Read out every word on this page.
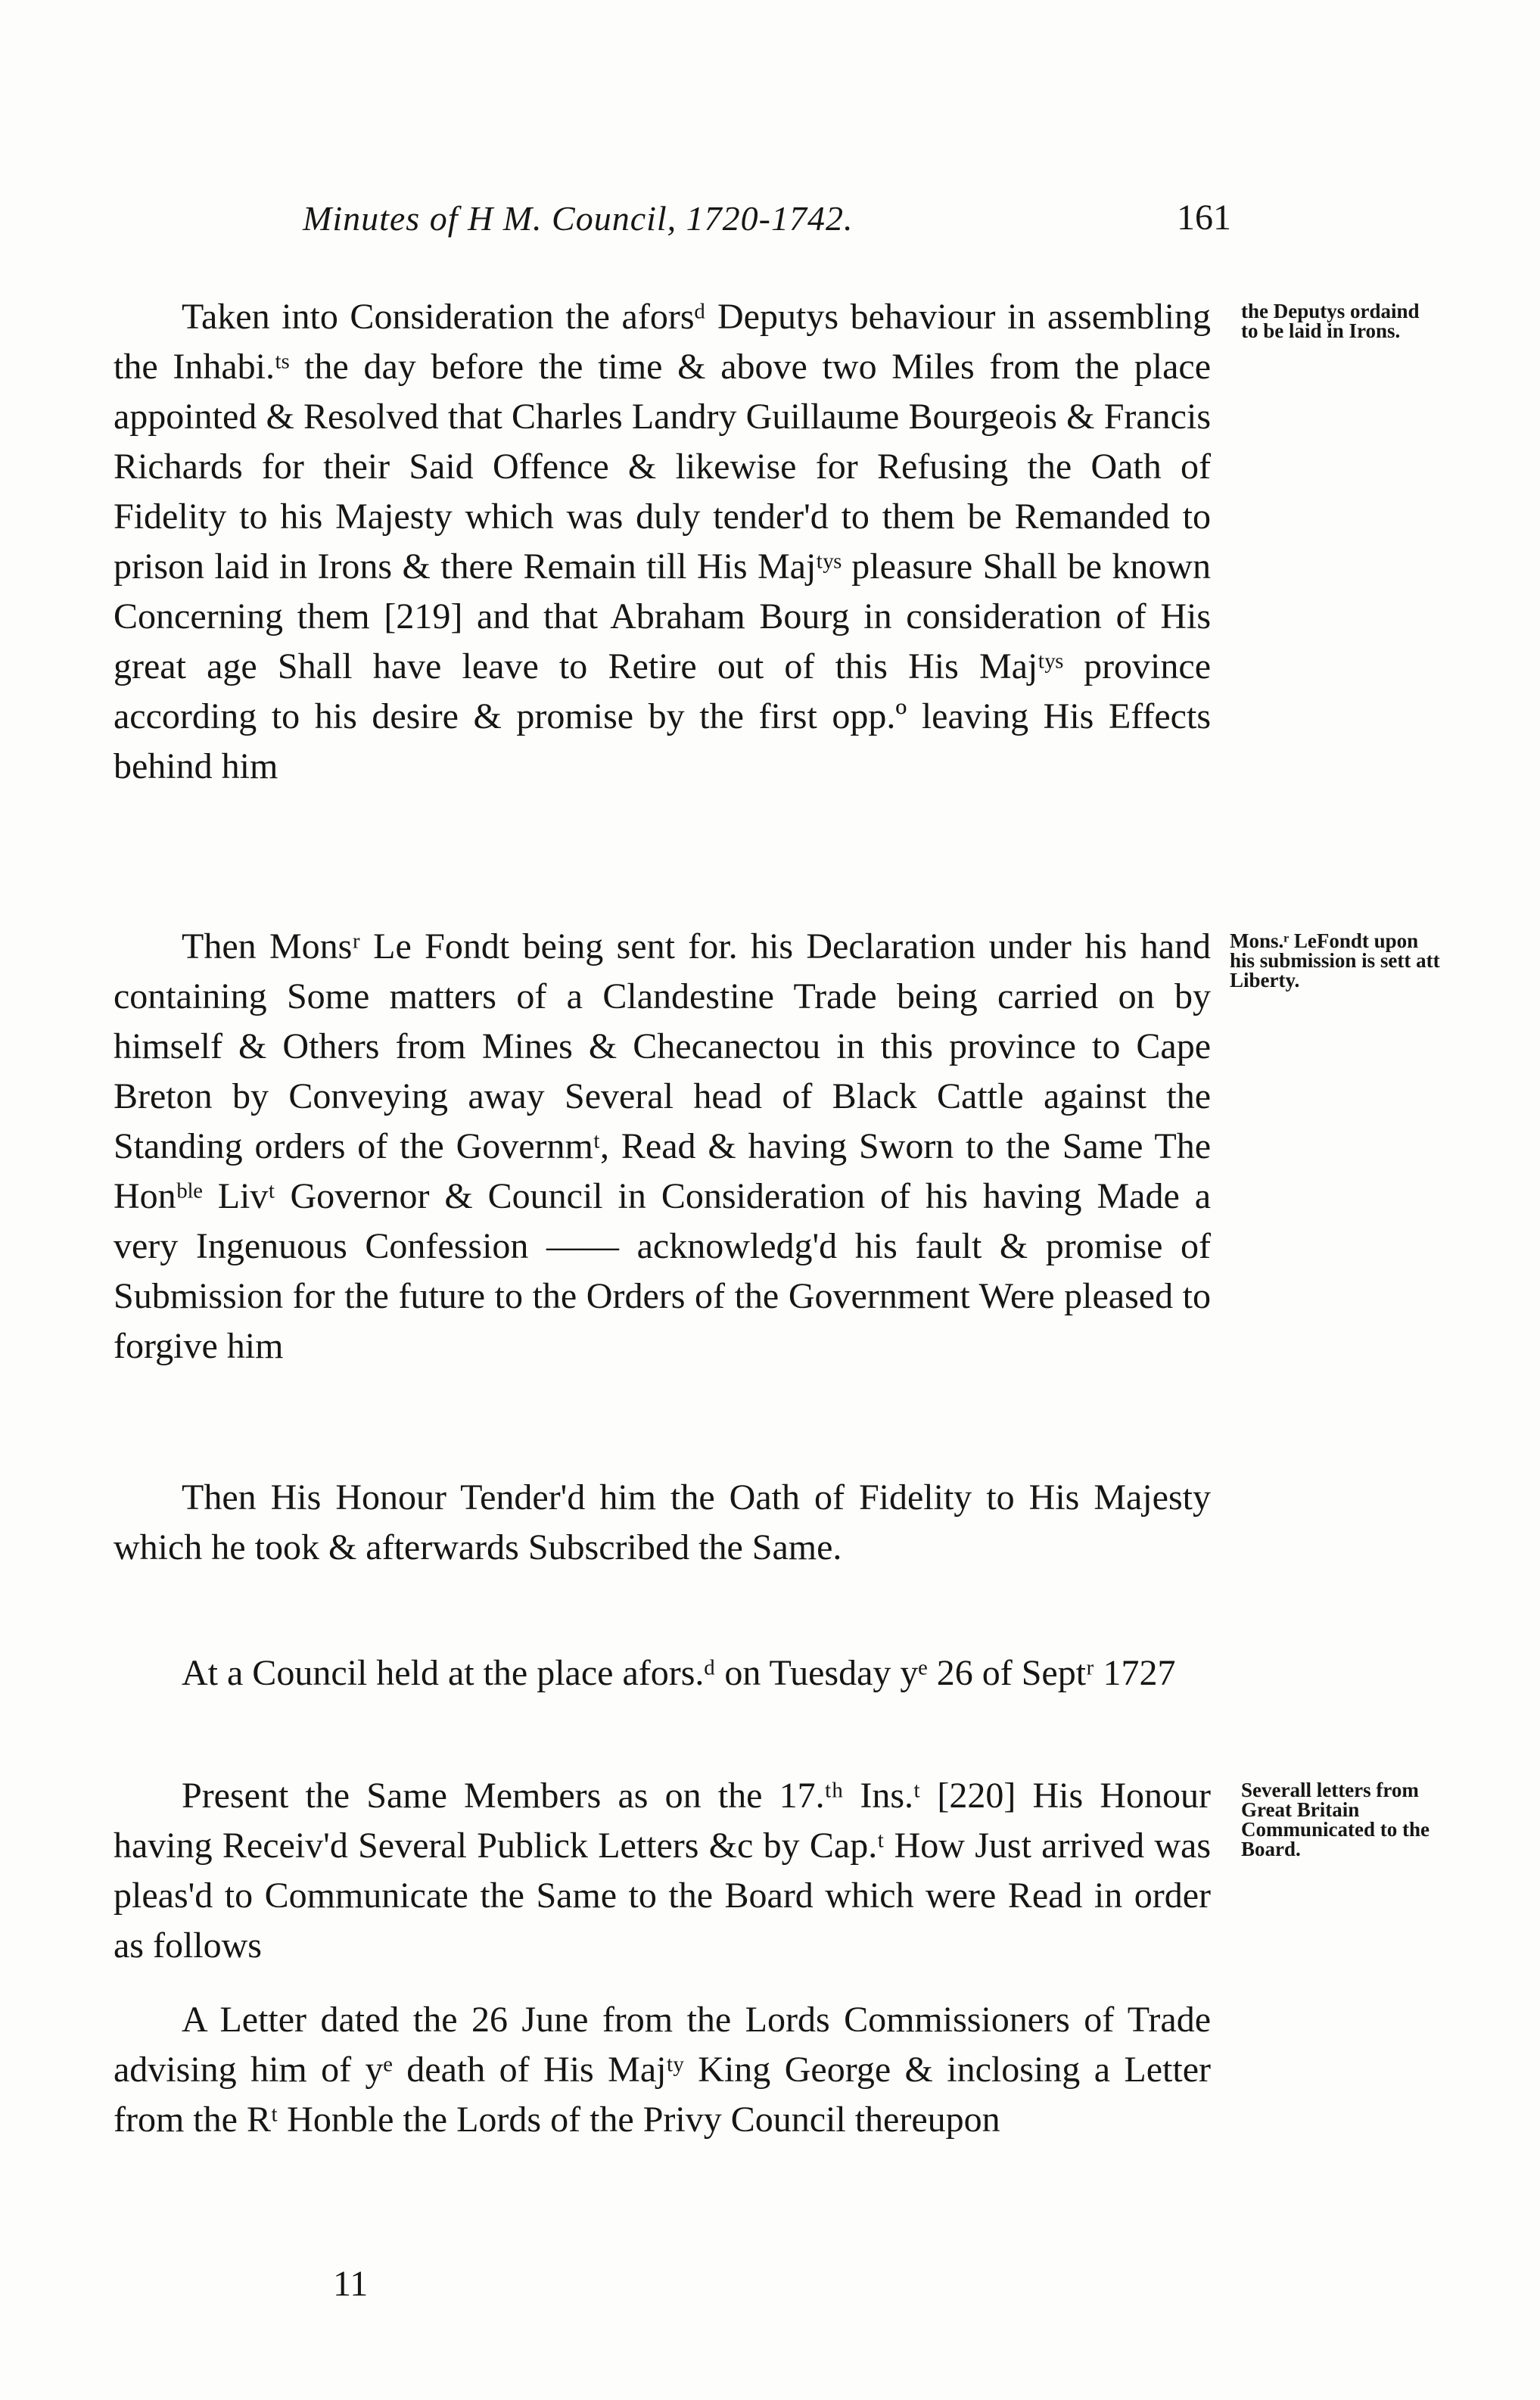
Minutes of H M. Council, 1720-1742.	161

Taken into Consideration the aforsᵈ Deputys behaviour in assembling the Inhabi.ᵗˢ the day before the time & above two Miles from the place appointed & Resolved that Charles Landry Guillaume Bourgeois & Francis Richards for their Said Offence & likewise for Refusing the Oath of Fidelity to his Majesty which was duly tender'd to them be Remanded to prison laid in Irons & there Remain till His Majᵗʸˢ pleasure Shall be known Concerning them [219] and that Abraham Bourg in consideration of His great age Shall have leave to Retire out of this His Majᵗʸˢ province according to his desire & promise by the first opp.º leaving His Effects behind him

Then Monsʳ Le Fondt being sent for. his Declaration under his hand containing Some matters of a Clandestine Trade being carried on by himself & Others from Mines & Checanectou in this province to Cape Breton by Conveying away Several head of Black Cattle against the Standing orders of the Governmᵗ, Read & having Sworn to the Same The Honᵇˡᵉ Livᵗ Governor & Council in Consideration of his having Made a very Ingenuous Confession —— acknowledg'd his fault & promise of Submission for the future to the Orders of the Government Were pleased to forgive him

Then His Honour Tender'd him the Oath of Fidelity to His Majesty which he took & afterwards Subscribed the Same.

At a Council held at the place afors.ᵈ on Tuesday yᵉ 26 of Septʳ 1727

Present the Same Members as on the 17.ᵗʰ Ins.ᵗ [220] His Honour having Receiv'd Several Publick Letters &c by Cap.ᵗ How Just arrived was pleas'd to Communicate the Same to the Board which were Read in order as follows

A Letter dated the 26 June from the Lords Commissioners of Trade advising him of yᵉ death of His Majᵗʸ King George & inclosing a Letter from the Rᵗ Honble the Lords of the Privy Council thereupon

the Deputys ordaind to be laid in Irons.
Mons.ʳ LeFondt upon his submission is sett att Liberty.
Severall letters from Great Britain Communicated to the Board.
11
